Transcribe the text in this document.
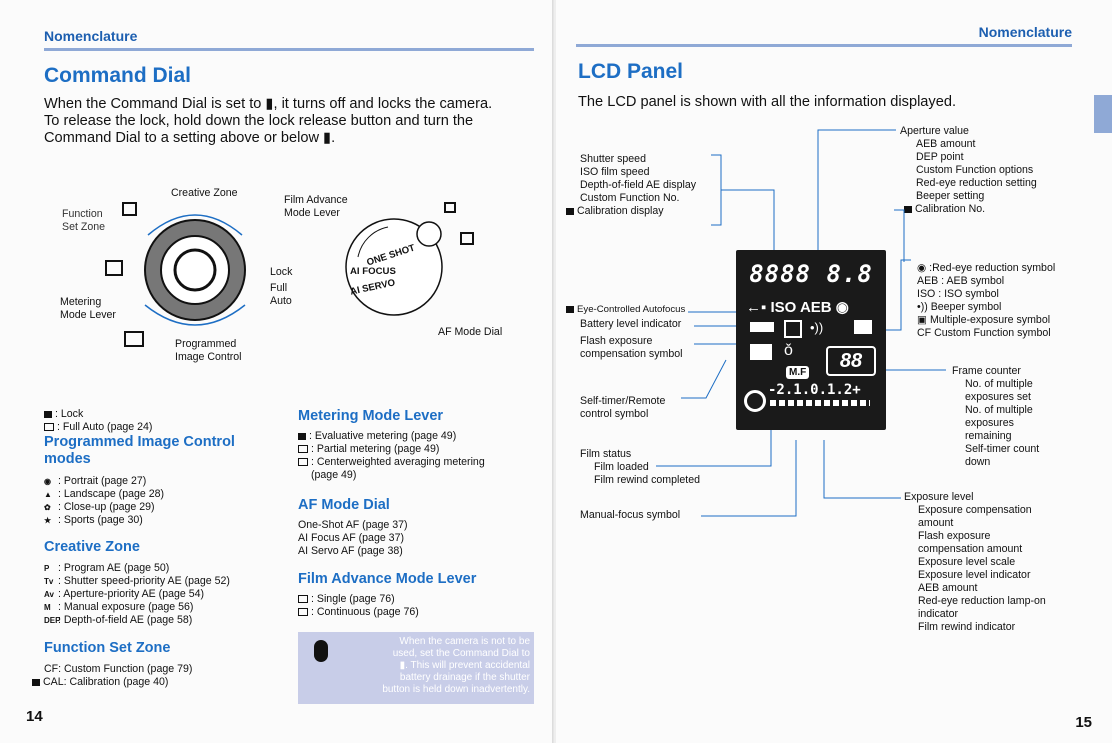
Nomenclature
Command Dial
When the Command Dial is set to ▮, it turns off and locks the camera.
To release the lock, hold down the lock release button and turn the
Command Dial to a setting above or below ▮.
Creative Zone
Function
Set Zone
Metering
Mode Lever
Programmed
Image Control
Lock
Full Auto
Film Advance
Mode Lever
ONE SHOT
AI FOCUS
AI SERVO
AF Mode Dial
: Lock
: Full Auto (page 24)
Programmed Image Control
modes
◉ : Portrait (page 27)
▲ : Landscape (page 28)
✿ : Close-up (page 29)
★ : Sports (page 30)
Creative Zone
P : Program AE (page 50)
Tv : Shutter speed-priority AE (page 52)
Av : Aperture-priority AE (page 54)
M : Manual exposure (page 56)
DEP: Depth-of-field AE (page 58)
Function Set Zone
CF: Custom Function (page 79)
CAL: Calibration (page 40)
Metering Mode Lever
: Evaluative metering (page 49)
: Partial metering (page 49)
: Centerweighted averaging metering
(page 49)
AF Mode Dial
One-Shot AF (page 37)
AI Focus AF (page 37)
AI Servo AF (page 38)
Film Advance Mode Lever
: Single (page 76)
: Continuous (page 76)
When the camera is not to be
used, set the Command Dial to
▮. This will prevent accidental
battery drainage if the shutter
button is held down inadvertently.
14
Nomenclature
LCD Panel
The LCD panel is shown with all the information displayed.
Shutter speed
ISO film speed
Depth-of-field AE display
Custom Function No.
Calibration display
Eye-Controlled Autofocus
Battery level indicator
Flash exposure
compensation symbol
Self-timer/Remote
control symbol
Film status
Film loaded
Film rewind completed
Manual-focus symbol
Aperture value
AEB amount
DEP point
Custom Function options
Red-eye reduction setting
Beeper setting
Calibration No.
◉ :Red-eye reduction symbol
AEB : AEB symbol
ISO : ISO symbol
•)) Beeper symbol
▣ Multiple-exposure symbol
CF Custom Function symbol
Frame counter
No. of multiple
exposures set
No. of multiple
exposures
remaining
Self-timer count
down
Exposure level
Exposure compensation
amount
Flash exposure
compensation amount
Exposure level scale
Exposure level indicator
AEB amount
Red-eye reduction lamp-on
indicator
Film rewind indicator
8888 8.8
←▪ ISO AEB ◉
•))
ǒ	88
M.F
-2.1.0.1.2+
15
